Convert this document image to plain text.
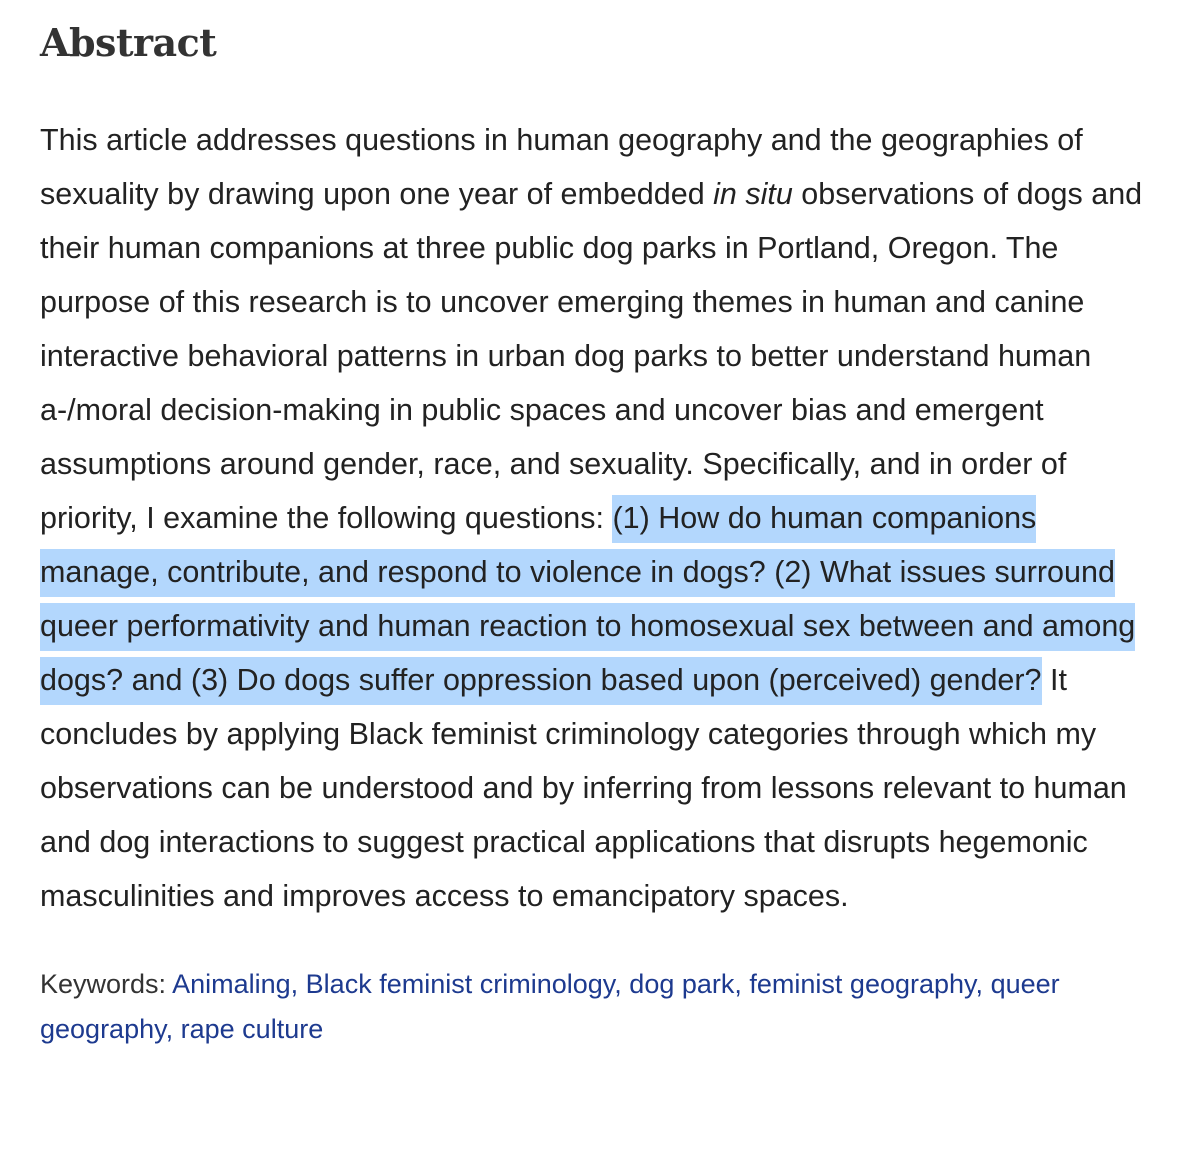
Abstract
This article addresses questions in human geography and the geographies of sexuality by drawing upon one year of embedded in situ observations of dogs and their human companions at three public dog parks in Portland, Oregon. The purpose of this research is to uncover emerging themes in human and canine interactive behavioral patterns in urban dog parks to better understand human a-/moral decision-making in public spaces and uncover bias and emergent assumptions around gender, race, and sexuality. Specifically, and in order of priority, I examine the following questions: (1) How do human companions manage, contribute, and respond to violence in dogs? (2) What issues surround queer performativity and human reaction to homosexual sex between and among dogs? and (3) Do dogs suffer oppression based upon (perceived) gender? It concludes by applying Black feminist criminology categories through which my observations can be understood and by inferring from lessons relevant to human and dog interactions to suggest practical applications that disrupts hegemonic masculinities and improves access to emancipatory spaces.
Keywords: Animaling, Black feminist criminology, dog park, feminist geography, queer geography, rape culture
